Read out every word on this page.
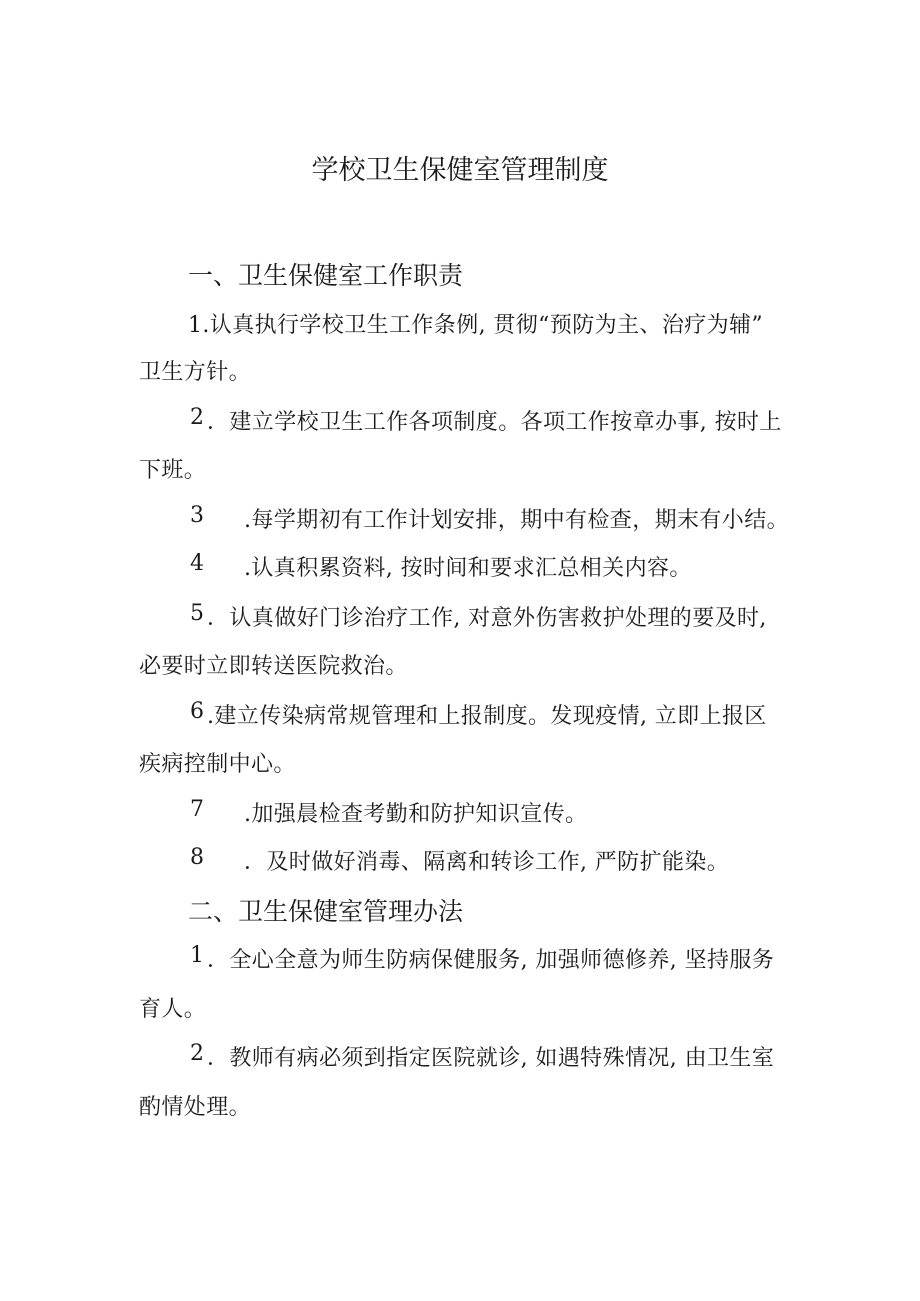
学校卫生保健室管理制度
一、卫生保健室工作职责
1.认真执行学校卫生工作条例, 贯彻“预防为主、治疗为辅”
卫生方针。
2 ．建立学校卫生工作各项制度。各项工作按章办事, 按时上
下班。
3 .每学期初有工作计划安排，期中有检查，期末有小结。
4 .认真积累资料, 按时间和要求汇总相关内容。
5 ．认真做好门诊治疗工作, 对意外伤害救护处理的要及时,
必要时立即转送医院救治。
6 .建立传染病常规管理和上报制度。发现疫情, 立即上报区
疾病控制中心。
7 .加强晨检查考勤和防护知识宣传。
8 ．及时做好消毒、隔离和转诊工作, 严防扩能染。
二、卫生保健室管理办法
1 ．全心全意为师生防病保健服务, 加强师德修养, 坚持服务
育人。
2 ．教师有病必须到指定医院就诊, 如遇特殊情况, 由卫生室
酌情处理。
